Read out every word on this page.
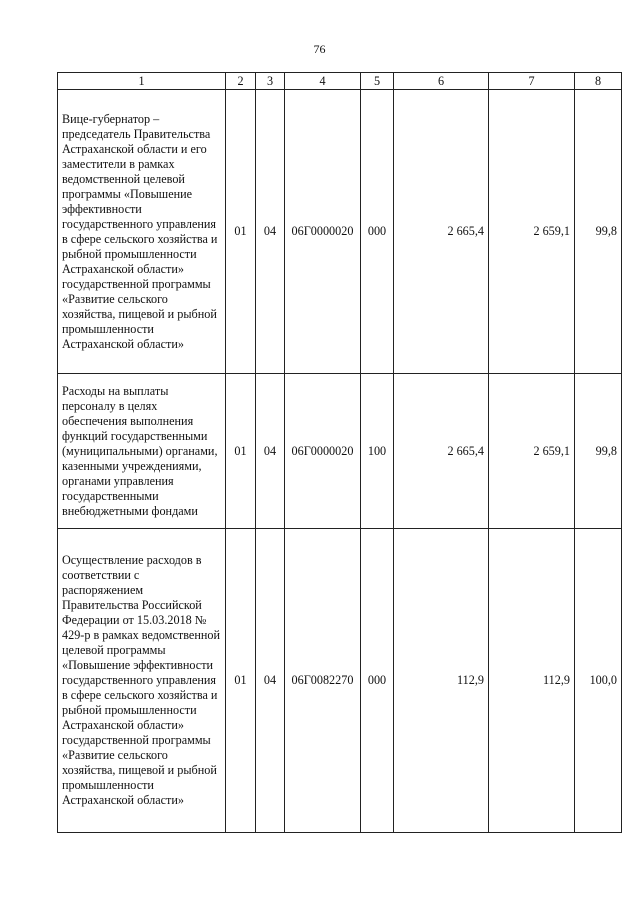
76
1	2	3	4	5	6	7	8
Вице-губернатор – председатель Правительства Астраханской области и его заместители в рамках ведомственной целевой программы «Повышение эффективности государственного управления в сфере сельского хозяйства и рыбной промышленности Астраханской области» государственной программы «Развитие сельского хозяйства, пищевой и рыбной промышленности Астраханской области»	01	04	06Г0000020	000	2 665,4	2 659,1	99,8
Расходы на выплаты персоналу в целях обеспечения выполнения функций государственными (муниципальными) органами, казенными учреждениями, органами управления государственными внебюджетными фондами	01	04	06Г0000020	100	2 665,4	2 659,1	99,8
Осуществление расходов в соответствии с распоряжением Правительства Российской Федерации от 15.03.2018 № 429-р в рамках ведомственной целевой программы «Повышение эффективности государственного управления в сфере сельского хозяйства и рыбной промышленности Астраханской области» государственной программы «Развитие сельского хозяйства, пищевой и рыбной промышленности Астраханской области»	01	04	06Г0082270	000	112,9	112,9	100,0
